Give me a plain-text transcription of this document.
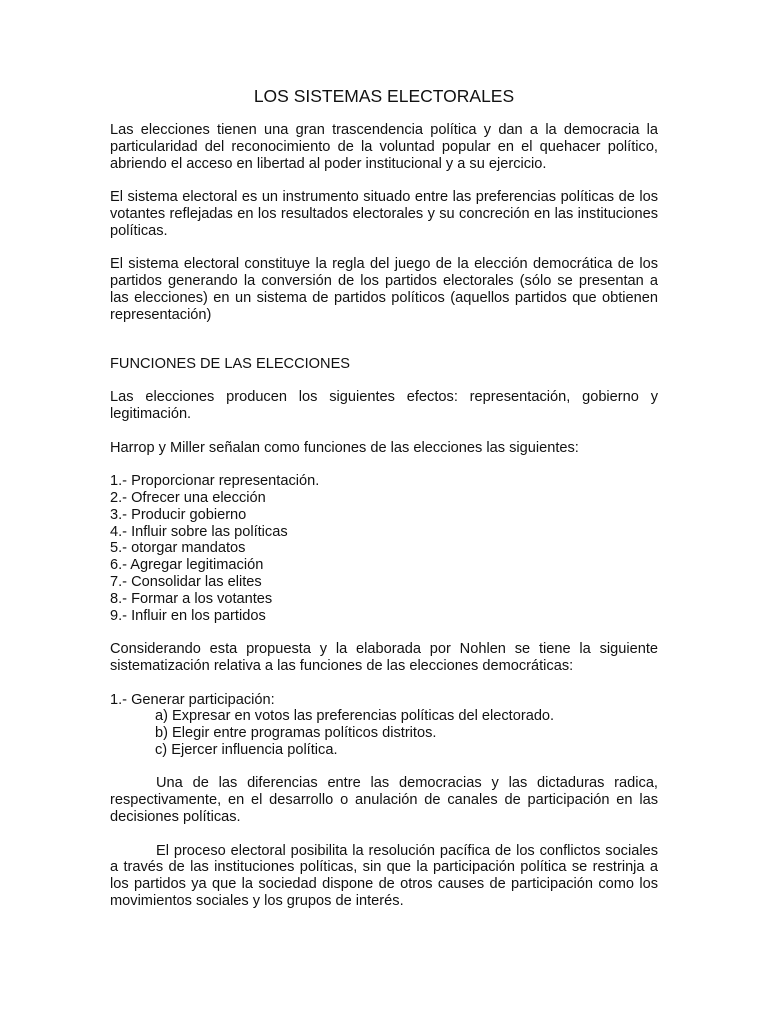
LOS SISTEMAS ELECTORALES

Las elecciones tienen una gran trascendencia política y dan a la democracia la particularidad del reconocimiento de la voluntad popular en el quehacer político, abriendo el acceso en libertad al poder institucional y a su ejercicio.

El sistema electoral es un instrumento situado entre las preferencias políticas de los votantes reflejadas en los resultados electorales y su concreción en las instituciones políticas.

El sistema electoral constituye la regla del juego de la elección democrática de los partidos generando la conversión de los partidos electorales (sólo se presentan a las elecciones) en un sistema de partidos políticos (aquellos partidos que obtienen representación)

FUNCIONES DE LAS ELECCIONES

Las elecciones producen los siguientes efectos: representación, gobierno y legitimación.

Harrop y Miller señalan como funciones de las elecciones las siguientes:

1.- Proporcionar representación.
2.- Ofrecer una elección
3.- Producir gobierno
4.- Influir sobre las políticas
5.- otorgar mandatos
6.- Agregar legitimación
7.- Consolidar las elites
8.- Formar a los votantes
9.- Influir en los partidos

Considerando esta propuesta y la elaborada por Nohlen se tiene la siguiente sistematización relativa a las funciones de las elecciones democráticas:

1.- Generar participación:
a) Expresar en votos las preferencias políticas del electorado.
b) Elegir entre programas políticos distritos.
c) Ejercer influencia política.

Una de las diferencias entre las democracias y las dictaduras radica, respectivamente, en el desarrollo o anulación de canales de participación en las decisiones políticas.

El proceso electoral posibilita la resolución pacífica de los conflictos sociales a través de las instituciones políticas, sin que la participación política se restrinja a los partidos ya que la sociedad dispone de otros causes de participación como los movimientos sociales y los grupos de interés.
